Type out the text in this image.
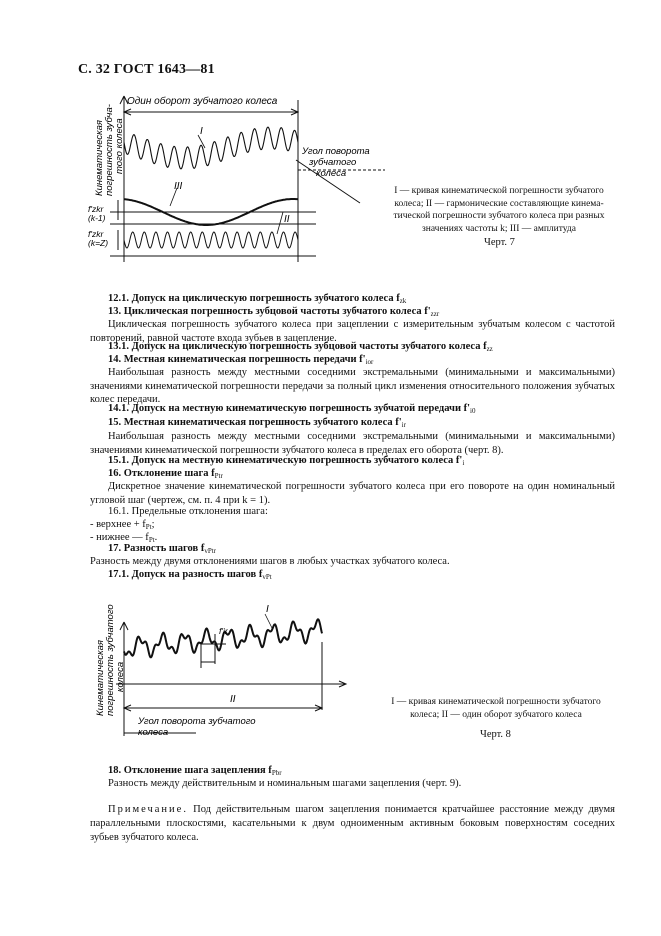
С. 32 ГОСТ 1643—81
Один оборот зубчатого колеса
I
III
II
Угол поворота
зубчатого
колеса
f'zkr
(k-1)
f'zkr
(k=Z)
Кинематическая погрешность зубча- того колеса
I — кривая кинематической погрешности зубчатого
колеса; II — гармонические составляющие кинема-
тической погрешности зубчатого колеса при разных
значениях частоты k; III — амплитуда
Черт. 7
12.1. Допуск на циклическую погрешность зубчатого колеса $f_{zk}$
13. Циклическая погрешность зубцовой частоты зубчатого колеса $f'_{zzr}$
Циклическая погрешность зубчатого колеса при зацеплении с измерительным зубчатым колесом с частотой повторений, равной частоте входа зубьев в зацепление.
13.1. Допуск на циклическую погрешность зубцовой частоты зубчатого колеса $f_{zz}$
14. Местная кинематическая погрешность передачи $f'_{ior}$
Наибольшая разность между местными соседними экстремальными (минимальными и максимальными) значениями кинематической погрешности передачи за полный цикл изменения относительного положения зубчатых колес передачи.
14.1. Допуск на местную кинематическую погрешность зубчатой передачи $f'_{i0}$
15. Местная кинематическая погрешность зубчатого колеса $f'_{ir}$
Наибольшая разность между местными соседними экстремальными (минимальными и максимальными) значениями кинематической погрешности зубчатого колеса в пределах его оборота (черт. 8).
15.1. Допуск на местную кинематическую погрешность зубчатого колеса $f'_i$
16. Отклонение шага $f_{Ptr}$
Дискретное значение кинематической погрешности зубчатого колеса при его повороте на один номинальный угловой шаг (чертеж, см. п. 4 при k = 1).
16.1. Предельные отклонения шага:
- верхнее + $f_{Pt}$;
- нижнее — $f_{Pt}$.
17. Разность шагов $f_{vPtr}$
Разность между двумя отклонениями шагов в любых участках зубчатого колеса.
17.1. Допуск на разность шагов $f_{vPt}$
I
II
f'ir
Угол поворота зубчатого
колеса
Кинематическая погрешность зубчатого колеса
I — кривая кинематической погрешности зубчатого
колеса; II — один оборот зубчатого колеса
Черт. 8
18. Отклонение шага зацепления $f_{Pbr}$
Разность между действительным и номинальным шагами зацепления (черт. 9).
Примечание. Под действительным шагом зацепления понимается кратчайшее расстояние между двумя параллельными плоскостями, касательными к двум одноименным активным боковым поверхностям соседних зубьев зубчатого колеса.
